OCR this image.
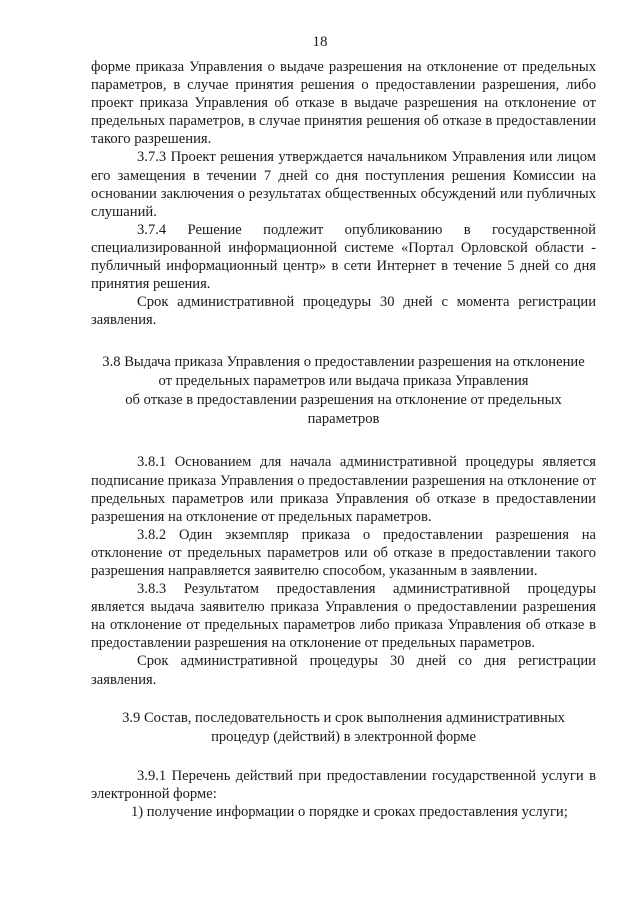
18

форме приказа Управления о выдаче разрешения на отклонение от предельных параметров, в случае принятия решения о предоставлении разрешения, либо проект приказа Управления об отказе в выдаче разрешения на отклонение от предельных параметров, в случае принятия решения об отказе в предоставлении такого разрешения.

3.7.3 Проект решения утверждается начальником Управления или лицом его замещения в течении 7 дней со дня поступления решения Комиссии на основании заключения о результатах общественных обсуждений или публичных слушаний.

3.7.4 Решение подлежит опубликованию в государственной специализированной информационной системе «Портал Орловской области - публичный информационный центр» в сети Интернет в течение 5 дней со дня принятия решения.

Срок административной процедуры 30 дней с момента регистрации заявления.

3.8 Выдача приказа Управления о предоставлении разрешения на отклонение

от предельных параметров или выдача приказа Управления

об отказе в предоставлении разрешения на отклонение от предельных

параметров

3.8.1 Основанием для начала административной процедуры является подписание приказа Управления о предоставлении разрешения на отклонение от предельных параметров или приказа Управления об отказе в предоставлении разрешения на отклонение от предельных параметров.

3.8.2 Один экземпляр приказа о предоставлении разрешения на отклонение от предельных параметров или об отказе в предоставлении такого разрешения направляется заявителю способом, указанным в заявлении.

3.8.3 Результатом предоставления административной процедуры является выдача заявителю приказа Управления о предоставлении разрешения на отклонение от предельных параметров либо приказа Управления об отказе в предоставлении разрешения на отклонение от предельных параметров.

Срок административной процедуры 30 дней со дня регистрации заявления.

3.9 Состав, последовательность и срок выполнения административных

процедур (действий) в электронной форме

3.9.1 Перечень действий при предоставлении государственной услуги в электронной форме:

1) получение информации о порядке и сроках предоставления услуги;
